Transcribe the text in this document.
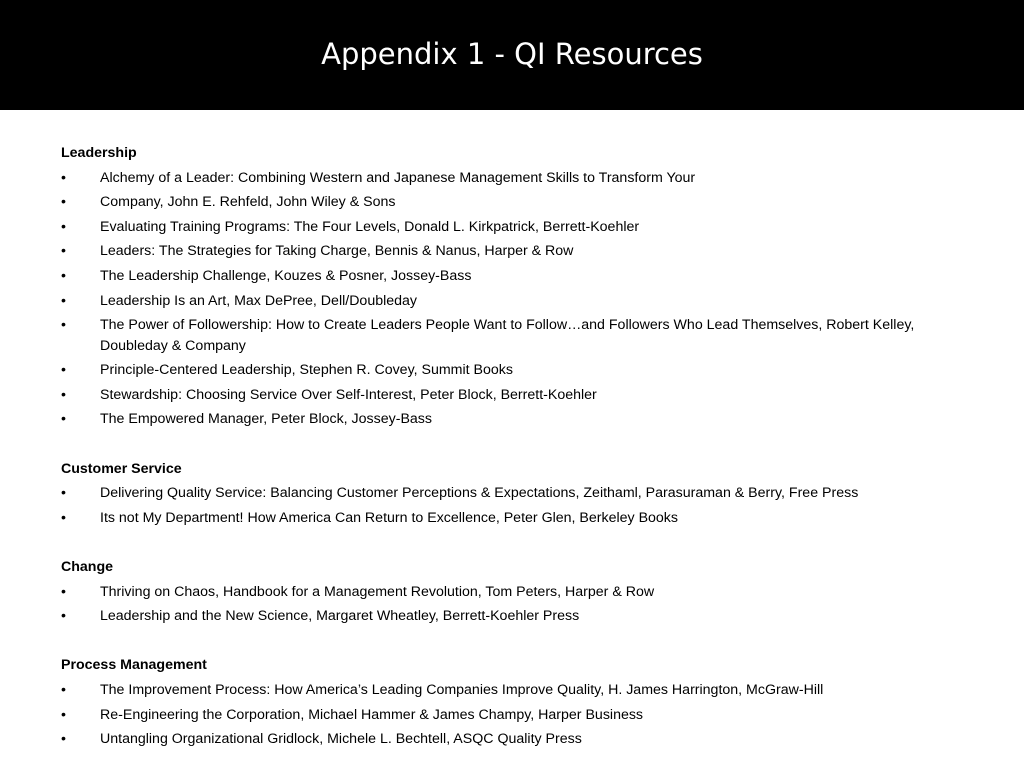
Appendix 1 - QI Resources
Leadership
• Alchemy of a Leader: Combining Western and Japanese Management Skills to Transform Your
• Company, John E. Rehfeld, John Wiley & Sons
• Evaluating Training Programs: The Four Levels, Donald L. Kirkpatrick, Berrett-Koehler
• Leaders: The Strategies for Taking Charge, Bennis & Nanus, Harper & Row
• The Leadership Challenge, Kouzes & Posner, Jossey-Bass
• Leadership Is an Art, Max DePree, Dell/Doubleday
• The Power of Followership: How to Create Leaders People Want to Follow…and Followers Who Lead Themselves, Robert Kelley, Doubleday & Company
• Principle-Centered Leadership, Stephen R. Covey, Summit Books
• Stewardship: Choosing Service Over Self-Interest, Peter Block, Berrett-Koehler
• The Empowered Manager, Peter Block, Jossey-Bass
Customer Service
• Delivering Quality Service: Balancing Customer Perceptions & Expectations, Zeithaml, Parasuraman & Berry, Free Press
• Its not My Department! How America Can Return to Excellence, Peter Glen, Berkeley Books
Change
• Thriving on Chaos, Handbook for a Management Revolution, Tom Peters, Harper & Row
• Leadership and the New Science, Margaret Wheatley, Berrett-Koehler Press
Process Management
• The Improvement Process: How America’s Leading Companies Improve Quality, H. James Harrington, McGraw-Hill
• Re-Engineering the Corporation, Michael Hammer & James Champy, Harper Business
• Untangling Organizational Gridlock, Michele L. Bechtell, ASQC Quality Press
